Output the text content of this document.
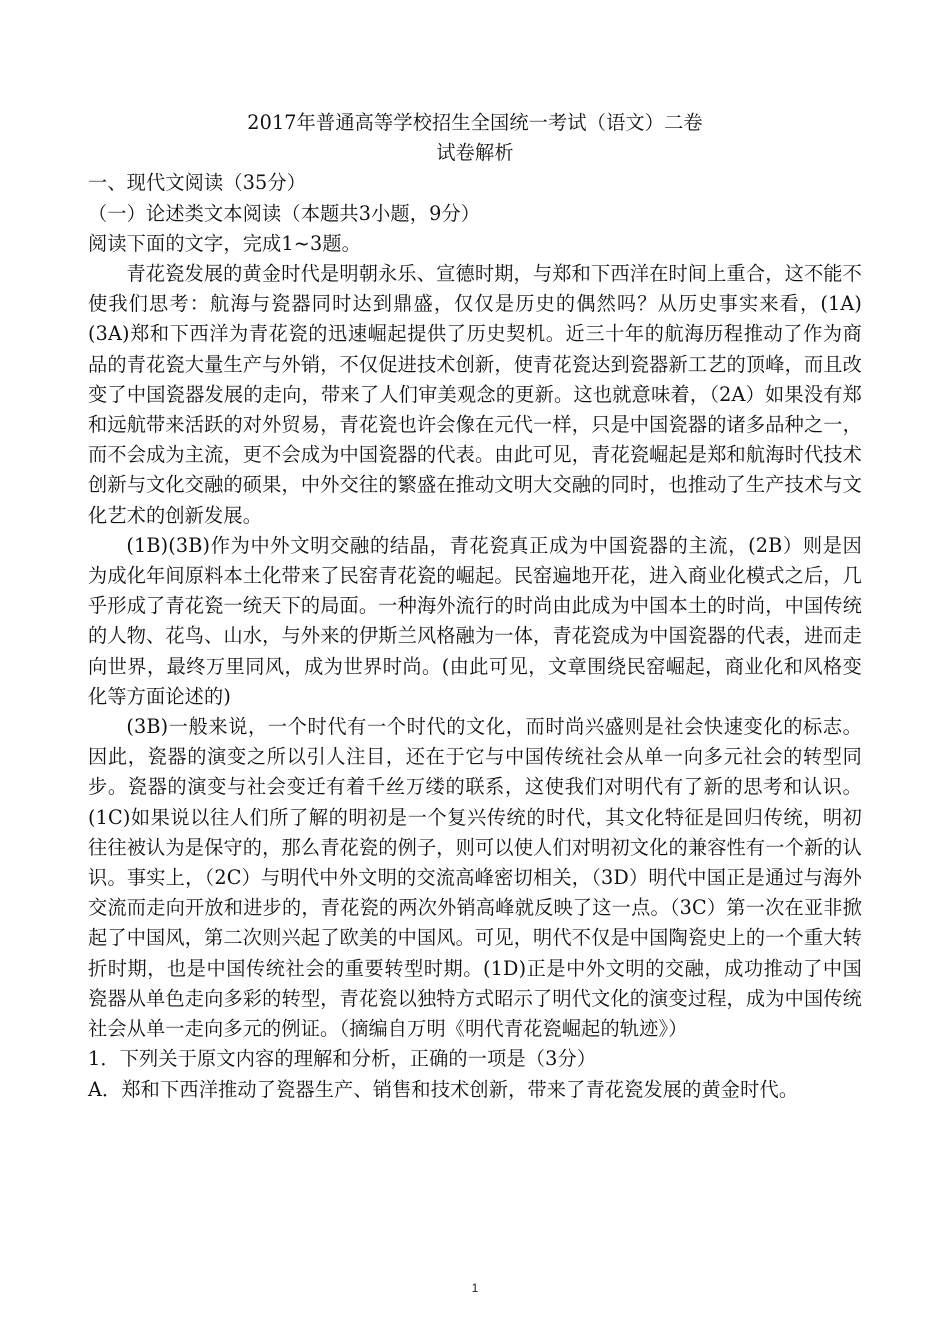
2017年普通高等学校招生全国统一考试（语文）二卷

试卷解析

一、现代文阅读（35分）

（一）论述类文本阅读（本题共3小题，9分）

阅读下面的文字，完成1~3题。

青花瓷发展的黄金时代是明朝永乐、宣德时期，与郑和下西洋在时间上重合，这不能不使我们思考：航海与瓷器同时达到鼎盛，仅仅是历史的偶然吗？从历史事实来看，(1A)(3A)郑和下西洋为青花瓷的迅速崛起提供了历史契机。近三十年的航海历程推动了作为商品的青花瓷大量生产与外销，不仅促进技术创新，使青花瓷达到瓷器新工艺的顶峰，而且改变了中国瓷器发展的走向，带来了人们审美观念的更新。这也就意味着，（2A）如果没有郑和远航带来活跃的对外贸易，青花瓷也许会像在元代一样，只是中国瓷器的诸多品种之一，而不会成为主流，更不会成为中国瓷器的代表。由此可见，青花瓷崛起是郑和航海时代技术创新与文化交融的硕果，中外交往的繁盛在推动文明大交融的同时，也推动了生产技术与文化艺术的创新发展。

(1B)(3B)作为中外文明交融的结晶，青花瓷真正成为中国瓷器的主流，(2B）则是因为成化年间原料本土化带来了民窑青花瓷的崛起。民窑遍地开花，进入商业化模式之后，几乎形成了青花瓷一统天下的局面。一种海外流行的时尚由此成为中国本土的时尚，中国传统的人物、花鸟、山水，与外来的伊斯兰风格融为一体，青花瓷成为中国瓷器的代表，进而走向世界，最终万里同风，成为世界时尚。(由此可见，文章围绕民窑崛起，商业化和风格变化等方面论述的)

(3B)一般来说，一个时代有一个时代的文化，而时尚兴盛则是社会快速变化的标志。因此，瓷器的演变之所以引人注目，还在于它与中国传统社会从单一向多元社会的转型同步。瓷器的演变与社会变迁有着千丝万缕的联系，这使我们对明代有了新的思考和认识。(1C)如果说以往人们所了解的明初是一个复兴传统的时代，其文化特征是回归传统，明初往往被认为是保守的，那么青花瓷的例子，则可以使人们对明初文化的兼容性有一个新的认识。事实上，（2C）与明代中外文明的交流高峰密切相关，（3D）明代中国正是通过与海外交流而走向开放和进步的，青花瓷的两次外销高峰就反映了这一点。（3C）第一次在亚非掀起了中国风，第二次则兴起了欧美的中国风。可见，明代不仅是中国陶瓷史上的一个重大转折时期，也是中国传统社会的重要转型时期。(1D)正是中外文明的交融，成功推动了中国瓷器从单色走向多彩的转型，青花瓷以独特方式昭示了明代文化的演变过程，成为中国传统社会从单一走向多元的例证。（摘编自万明《明代青花瓷崛起的轨迹》）

1．下列关于原文内容的理解和分析，正确的一项是（3分）

A．郑和下西洋推动了瓷器生产、销售和技术创新，带来了青花瓷发展的黄金时代。

1
